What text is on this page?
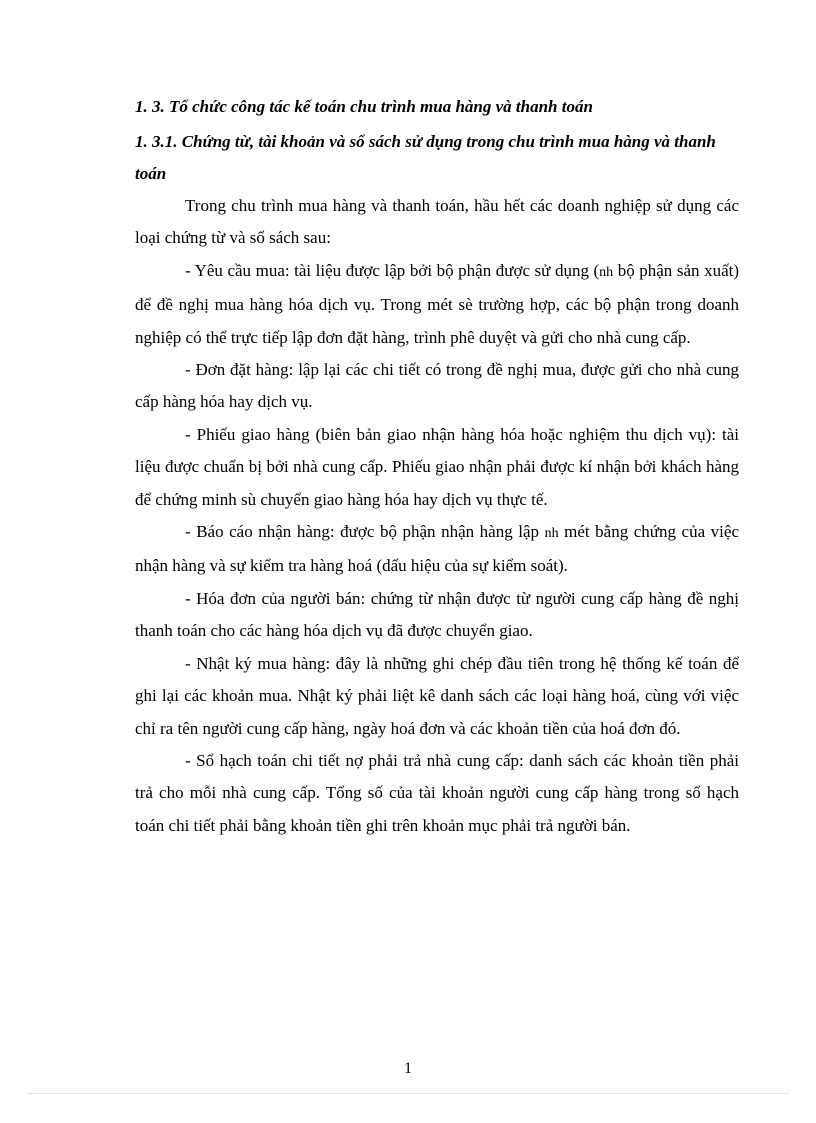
1. 3. Tổ chức công tác kế toán chu trình mua hàng và thanh toán
1. 3.1. Chứng từ, tài khoản và sổ sách sử dụng trong chu trình mua hàng và thanh toán

Trong chu trình mua hàng và thanh toán, hầu hết các doanh nghiệp sử dụng các loại chứng từ và sổ sách sau:

- Yêu cầu mua: tài liệu được lập bởi bộ phận được sử dụng (nh bộ phận sản xuất) để đề nghị mua hàng hóa dịch vụ. Trong mét sè trường hợp, các bộ phận trong doanh nghiệp có thể trực tiếp lập đơn đặt hàng, trình phê duyệt và gửi cho nhà cung cấp.

- Đơn đặt hàng: lập lại các chi tiết có trong đề nghị mua, được gửi cho nhà cung cấp hàng hóa hay dịch vụ.

- Phiếu giao hàng (biên bản giao nhận hàng hóa hoặc nghiệm thu dịch vụ): tài liệu được chuẩn bị bởi nhà cung cấp. Phiếu giao nhận phải được kí nhận bởi khách hàng để chứng minh sù chuyển giao hàng hóa hay dịch vụ thực tế.

- Báo cáo nhận hàng: được bộ phận nhận hàng lập nh mét bằng chứng của việc nhận hàng và sự kiểm tra hàng hoá (dấu hiệu của sự kiểm soát).

- Hóa đơn của người bán: chứng từ nhận được từ người cung cấp hàng đề nghị thanh toán cho các hàng hóa dịch vụ đã được chuyển giao.

- Nhật ký mua hàng: đây là những ghi chép đầu tiên trong hệ thống kế toán để ghi lại các khoản mua. Nhật ký phải liệt kê danh sách các loại hàng hoá, cùng với việc chỉ ra tên người cung cấp hàng, ngày hoá đơn và các khoản tiền của hoá đơn đó.

- Sổ hạch toán chi tiết nợ phải trả nhà cung cấp: danh sách các khoản tiền phải trả cho mỗi nhà cung cấp. Tổng số của tài khoản người cung cấp hàng trong sổ hạch toán chi tiết phải bằng khoản tiền ghi trên khoản mục phải trả người bán.

1
